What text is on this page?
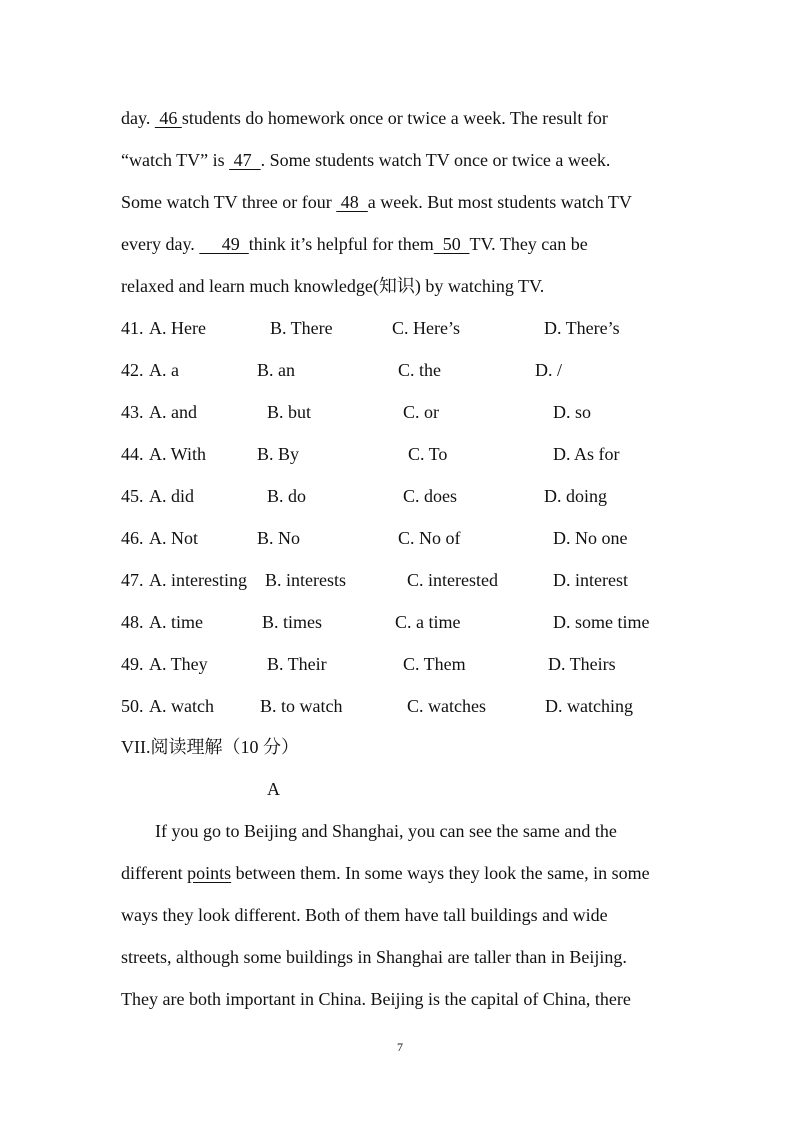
day.  46 students do homework once or twice a week. The result for
“watch TV” is  47  . Some students watch TV once or twice a week.
Some watch TV three or four  48  a week. But most students watch TV
every day.      49  think it’s helpful for them  50  TV. They can be
relaxed and learn much knowledge(知识) by watching TV.
41. A. Here	B. There	C. Here’s	D. There’s
42. A. a	B. an	C. the	D. /
43. A. and	B. but	C. or	D. so
44. A. With	B. By	C. To	D. As for
45. A. did	B. do	C. does	D. doing
46. A. Not	B. No	C. No of	D. No one
47. A. interesting B. interests	C. interested	D. interest
48. A. time	B. times	C. a time	D. some time
49. A. They	B. Their	C. Them	D. Theirs
50. A. watch	B. to watch	C. watches	D. watching
VII.阅读理解（10 分）
A
If you go to Beijing and Shanghai, you can see the same and the
different points between them. In some ways they look the same, in some
ways they look different. Both of them have tall buildings and wide
streets, although some buildings in Shanghai are taller than in Beijing.
They are both important in China. Beijing is the capital of China, there
7
